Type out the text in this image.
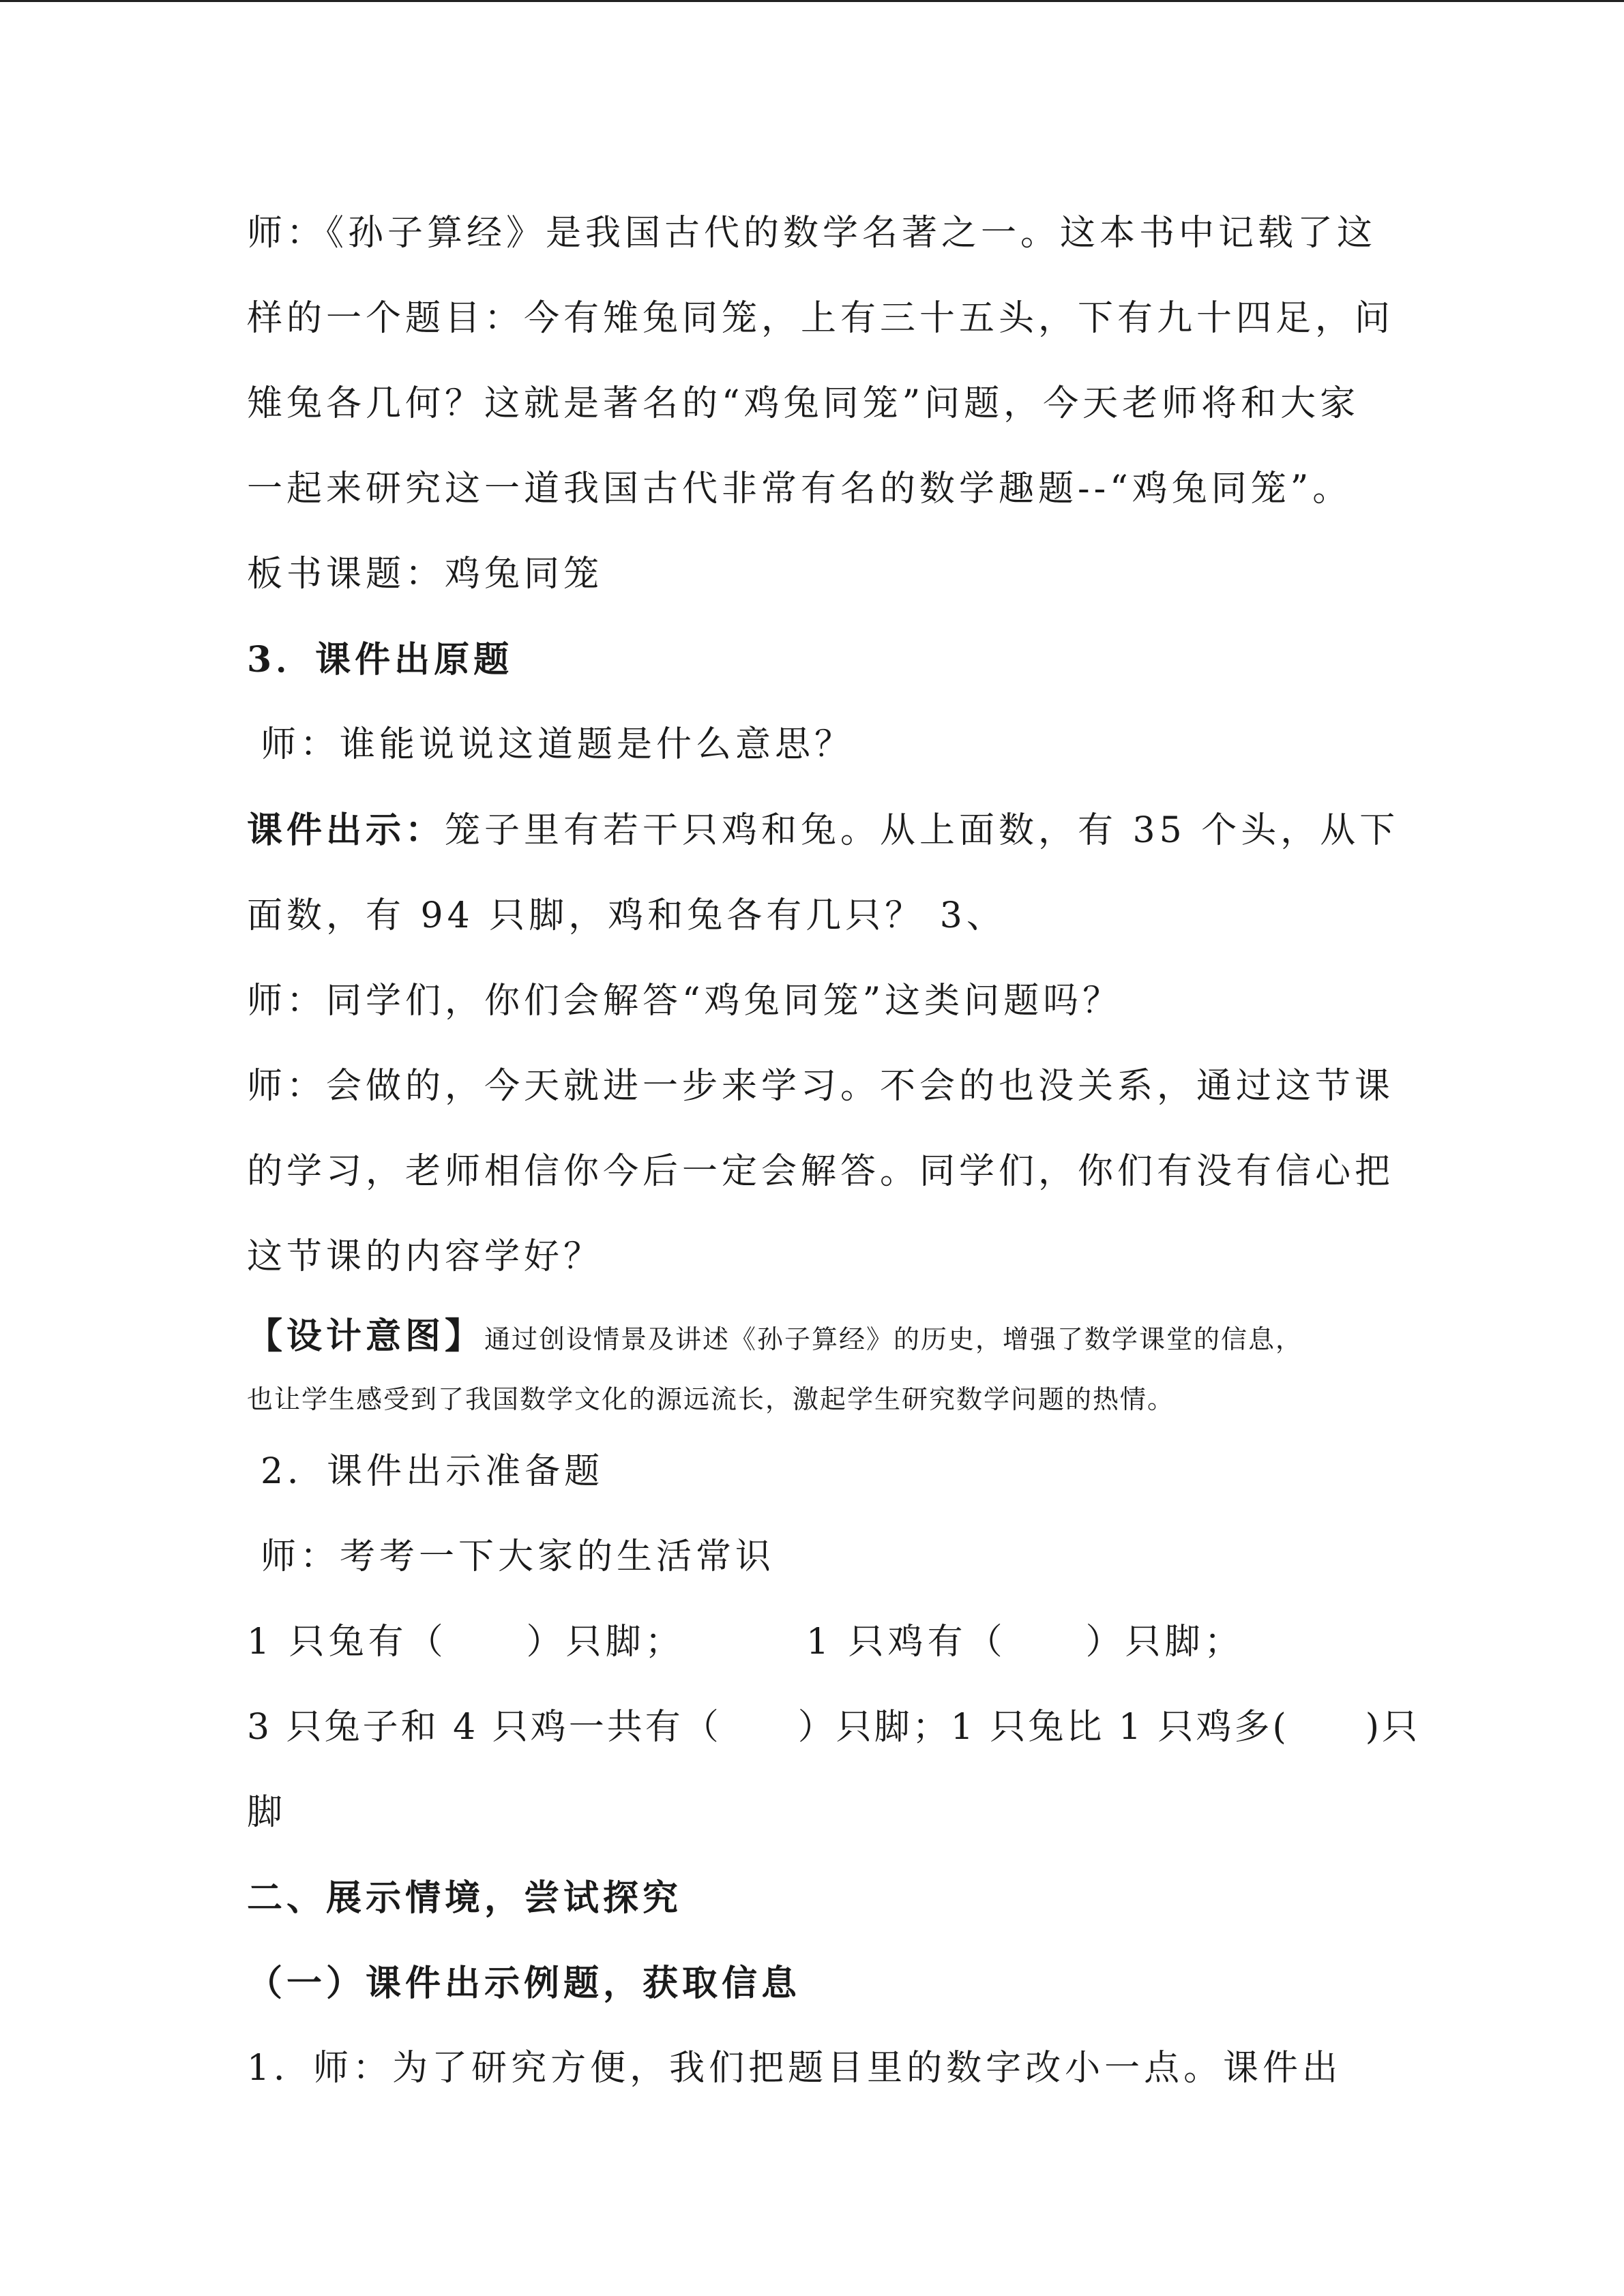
师：《孙子算经》是我国古代的数学名著之一。这本书中记载了这
样的一个题目：今有雉兔同笼，上有三十五头，下有九十四足，问
雉兔各几何？这就是著名的“鸡兔同笼”问题，今天老师将和大家
一起来研究这一道我国古代非常有名的数学趣题--“鸡兔同笼”。
板书课题：鸡兔同笼
3．课件出原题
师：谁能说说这道题是什么意思？
课件出示：笼子里有若干只鸡和兔。从上面数，有 35 个头，从下
面数，有 94 只脚，鸡和兔各有几只？ 3、
师：同学们，你们会解答“鸡兔同笼”这类问题吗？
师：会做的，今天就进一步来学习。不会的也没关系，通过这节课
的学习，老师相信你今后一定会解答。同学们，你们有没有信心把
这节课的内容学好？
【设计意图】通过创设情景及讲述《孙子算经》的历史，增强了数学课堂的信息，
也让学生感受到了我国数学文化的源远流长，激起学生研究数学问题的热情。
2．课件出示准备题
师：考考一下大家的生活常识
1 只兔有（　　）只脚；	1 只鸡有（　　）只脚；
3 只兔子和 4 只鸡一共有（　　）只脚；1 只兔比 1 只鸡多(　　)只
脚
二、展示情境，尝试探究
（一）课件出示例题，获取信息
1．师：为了研究方便，我们把题目里的数字改小一点。课件出
